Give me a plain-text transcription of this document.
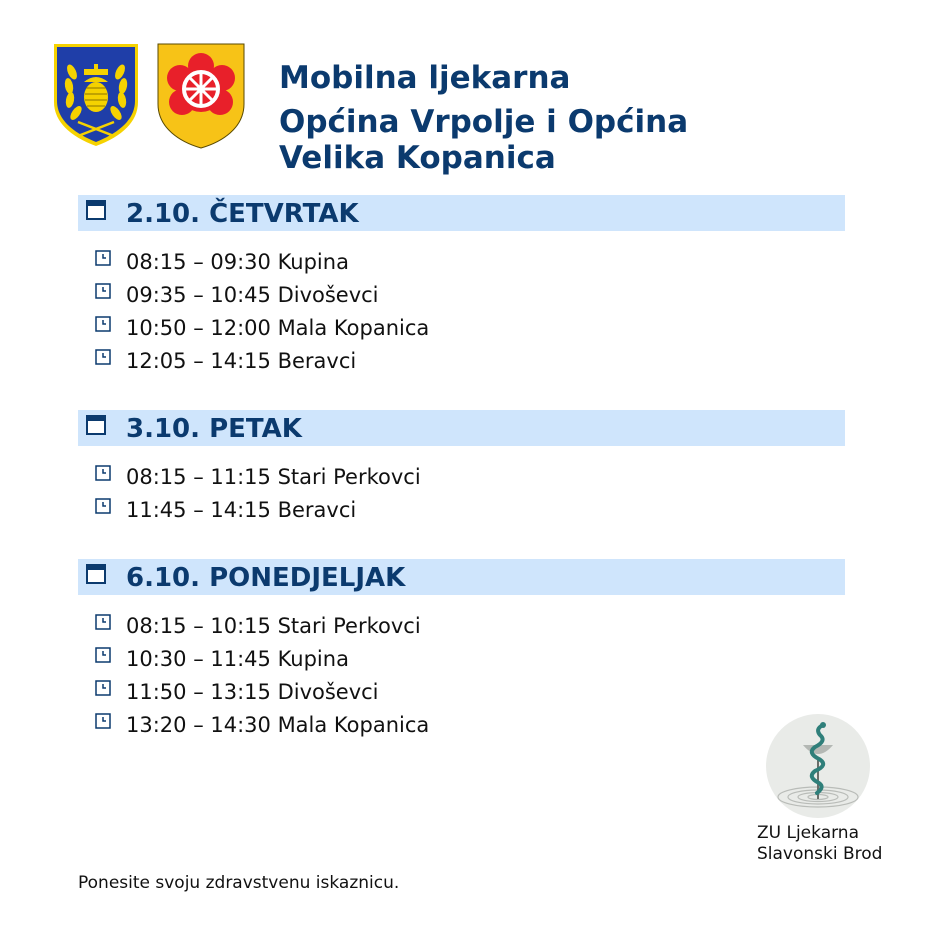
Mobilna ljekarna
Općina Vrpolje i Općina
Velika Kopanica
2.10. ČETVRTAK
08:15 – 09:30 Kupina
09:35 – 10:45 Divoševci
10:50 – 12:00 Mala Kopanica
12:05 – 14:15 Beravci
3.10. PETAK
08:15 – 11:15 Stari Perkovci
11:45 – 14:15 Beravci
6.10. PONEDJELJAK
08:15 – 10:15 Stari Perkovci
10:30 – 11:45 Kupina
11:50 – 13:15 Divoševci
13:20 – 14:30 Mala Kopanica
ZU Ljekarna
Slavonski Brod
Ponesite svoju zdravstvenu iskaznicu.
